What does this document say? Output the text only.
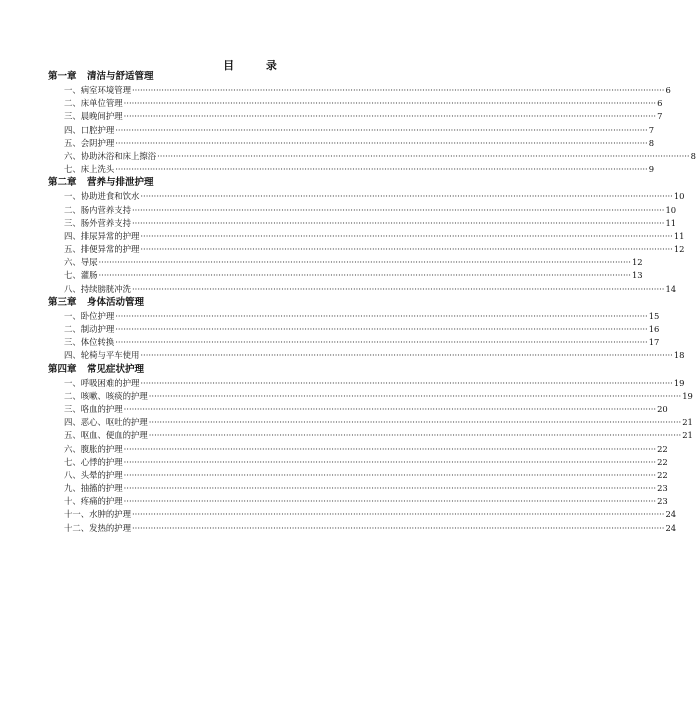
目 录
第一章 清洁与舒适管理
一、病室环境管理 ········································································································································································································ 6
二、床单位管理 ········································································································································································································ 6
三、晨晚间护理 ········································································································································································································ 7
四、口腔护理 ········································································································································································································ 7
五、会阴护理 ········································································································································································································ 8
六、协助沐浴和床上擦浴 ········································································································································································································ 8
七、床上洗头 ········································································································································································································ 9
第二章 营养与排泄护理
一、协助进食和饮水 ········································································································································································································ 10
二、肠内营养支持 ········································································································································································································ 10
三、肠外营养支持 ········································································································································································································ 11
四、排尿异常的护理 ········································································································································································································ 11
五、排便异常的护理 ········································································································································································································ 12
六、导尿 ········································································································································································································ 12
七、灌肠 ········································································································································································································ 13
八、持续膀胱冲洗 ········································································································································································································ 14
第三章 身体活动管理
一、卧位护理 ········································································································································································································ 15
二、制动护理 ········································································································································································································ 16
三、体位转换 ········································································································································································································ 17
四、轮椅与平车使用 ········································································································································································································ 18
第四章 常见症状护理
一、呼吸困难的护理 ········································································································································································································ 19
二、咳嗽、咳痰的护理 ········································································································································································································ 19
三、咯血的护理 ········································································································································································································ 20
四、恶心、呕吐的护理 ········································································································································································································ 21
五、呕血、便血的护理 ········································································································································································································ 21
六、腹胀的护理 ········································································································································································································ 22
七、心悸的护理 ········································································································································································································ 22
八、头晕的护理 ········································································································································································································ 22
九、抽搐的护理 ········································································································································································································ 23
十、疼痛的护理 ········································································································································································································ 23
十一、水肿的护理 ········································································································································································································ 24
十二、发热的护理 ········································································································································································································ 24
